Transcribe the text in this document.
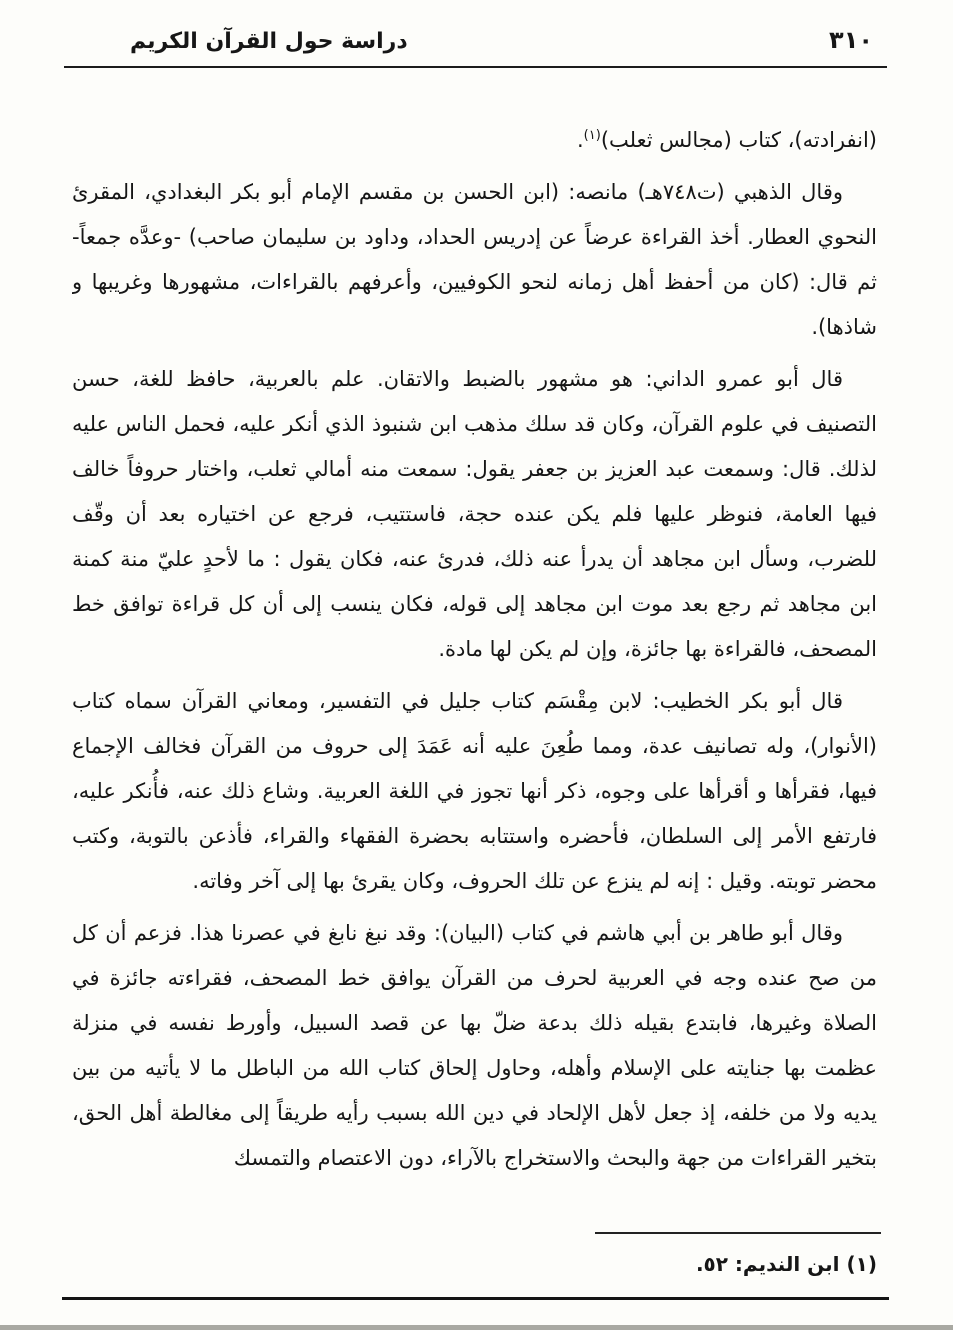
٣١٠
دراسة حول القرآن الكريم

(انفرادته)، كتاب (مجالس ثعلب)$^{(١)}$.

وقال الذهبي (ت٧٤٨هـ) مانصه: (ابن الحسن بن مقسم الإمام أبو بكر البغدادي، المقرئ النحوي العطار. أخذ القراءة عرضاً عن إدريس الحداد، وداود بن سليمان صاحب) -وعدَّه جمعاً- ثم قال: (كان من أحفظ أهل زمانه لنحو الكوفيين، وأعرفهم بالقراءات، مشهورها وغريبها و شاذها).

قال أبو عمرو الداني: هو مشهور بالضبط والاتقان. علم بالعربية، حافظ للغة، حسن التصنيف في علوم القرآن، وكان قد سلك مذهب ابن شنبوذ الذي أنكر عليه، فحمل الناس عليه لذلك. قال: وسمعت عبد العزيز بن جعفر يقول: سمعت منه أمالي ثعلب، واختار حروفاً خالف فيها العامة، فنوظر عليها فلم يكن عنده حجة، فاستتيب، فرجع عن اختياره بعد أن وقّف للضرب، وسأل ابن مجاهد أن يدرأ عنه ذلك، فدرئ عنه، فكان يقول : ما لأحدٍ عليّ منة كمنة ابن مجاهد ثم رجع بعد موت ابن مجاهد إلى قوله، فكان ينسب إلى أن كل قراءة توافق خط المصحف، فالقراءة بها جائزة، وإن لم يكن لها مادة.

قال أبو بكر الخطيب: لابن مِقْسَم كتاب جليل في التفسير، ومعاني القرآن سماه كتاب (الأنوار)، وله تصانيف عدة، ومما طُعِنَ عليه أنه عَمَدَ إلى حروف من القرآن فخالف الإجماع فيها، فقرأها و أقرأها على وجوه، ذكر أنها تجوز في اللغة العربية. وشاع ذلك عنه، فأُنكر عليه، فارتفع الأمر إلى السلطان، فأحضره واستتابه بحضرة الفقهاء والقراء، فأذعن بالتوبة، وكتب محضر توبته. وقيل : إنه لم ينزع عن تلك الحروف، وكان يقرئ بها إلى آخر وفاته.

وقال أبو طاهر بن أبي هاشم في كتاب (البيان): وقد نبغ نابغ في عصرنا هذا. فزعم أن كل من صح عنده وجه في العربية لحرف من القرآن يوافق خط المصحف، فقراءته جائزة في الصلاة وغيرها، فابتدع بقيله ذلك بدعة ضلّ بها عن قصد السبيل، وأورط نفسه في منزلة عظمت بها جنايته على الإسلام وأهله، وحاول إلحاق كتاب الله من الباطل ما لا يأتيه من بين يديه ولا من خلفه، إذ جعل لأهل الإلحاد في دين الله بسبب رأيه طريقاً إلى مغالطة أهل الحق، بتخير القراءات من جهة والبحث والاستخراج بالآراء، دون الاعتصام والتمسك

(١) ابن النديم: ٥٢.
